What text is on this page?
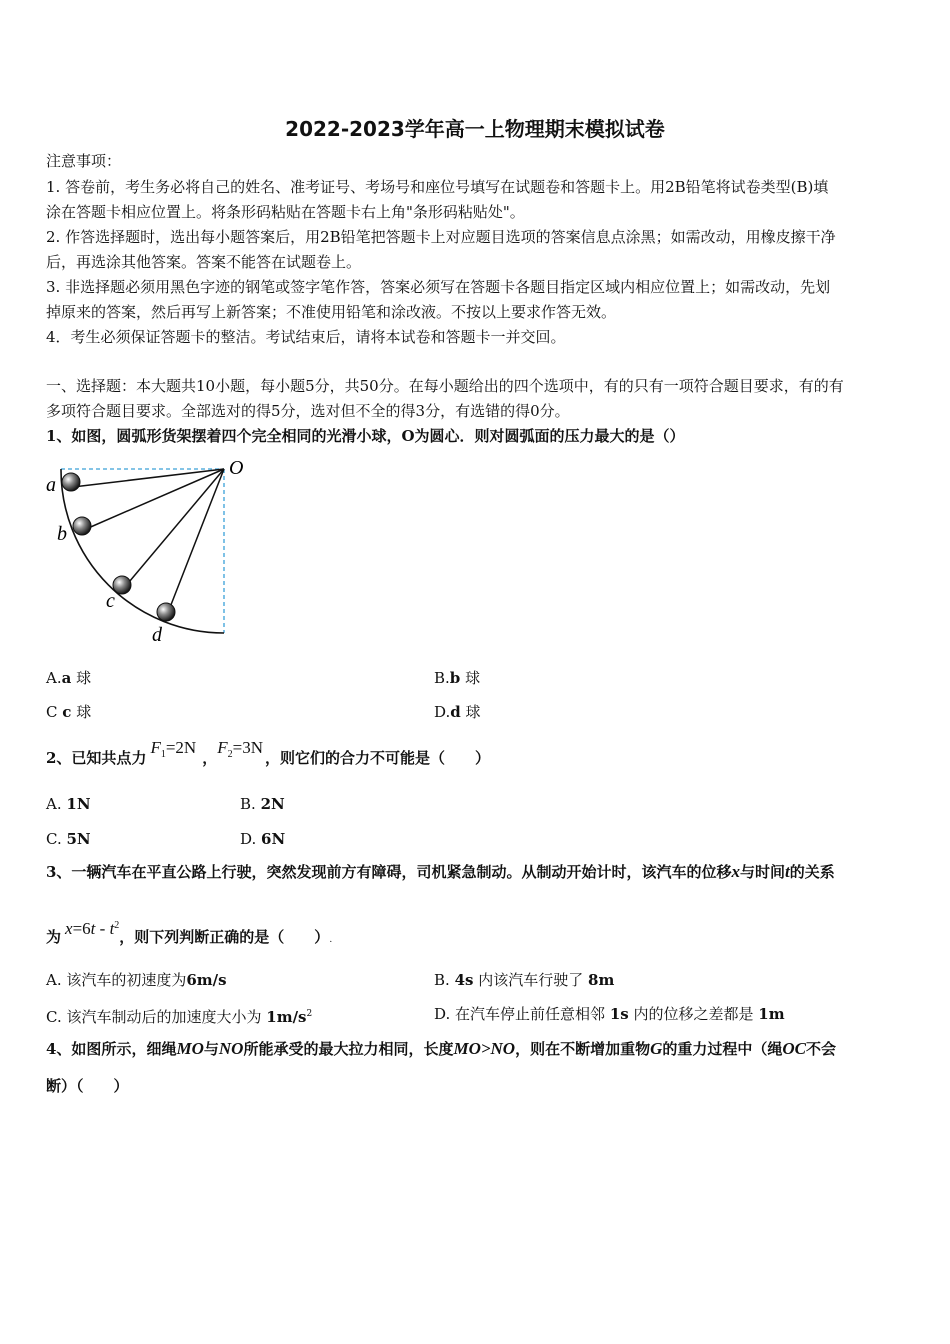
2022-2023学年高一上物理期末模拟试卷
注意事项：
1. 答卷前，考生务必将自己的姓名、准考证号、考场号和座位号填写在试题卷和答题卡上。用2B铅笔将试卷类型(B)填
涂在答题卡相应位置上。将条形码粘贴在答题卡右上角"条形码粘贴处"。
2. 作答选择题时，选出每小题答案后，用2B铅笔把答题卡上对应题目选项的答案信息点涂黑；如需改动，用橡皮擦干净
后，再选涂其他答案。答案不能答在试题卷上。
3. 非选择题必须用黑色字迹的钢笔或签字笔作答，答案必须写在答题卡各题目指定区域内相应位置上；如需改动，先划
掉原来的答案，然后再写上新答案；不准使用铅笔和涂改液。不按以上要求作答无效。
4．考生必须保证答题卡的整洁。考试结束后，请将本试卷和答题卡一并交回。
一、选择题：本大题共10小题，每小题5分，共50分。在每小题给出的四个选项中，有的只有一项符合题目要求，有的有
多项符合题目要求。全部选对的得5分，选对但不全的得3分，有选错的得0分。
1、如图，圆弧形货架摆着四个完全相同的光滑小球，O为圆心．则对圆弧面的压力最大的是（）
O
a
b
c
d
A.a 球	B.b 球
C c 球	D.d 球
2、已知共点力$F_1=2N$，$F_2=3N$，则它们的合力不可能是（　　）
A. 1N	B. 2N
C. 5N	D. 6N
3、一辆汽车在平直公路上行驶，突然发现前方有障碍，司机紧急制动。从制动开始计时，该汽车的位移x与时间t的关系
为 $x=6t - t^2$，则下列判断正确的是（　　）.
A. 该汽车的初速度为6m/s	B. 4s 内该汽车行驶了 8m
C. 该汽车制动后的加速度大小为 $1m/s^2$	D. 在汽车停止前任意相邻 1s 内的位移之差都是 1m
4、如图所示，细绳MO与NO所能承受的最大拉力相同，长度MO>NO，则在不断增加重物G的重力过程中（绳OC不会
断）（　　）
